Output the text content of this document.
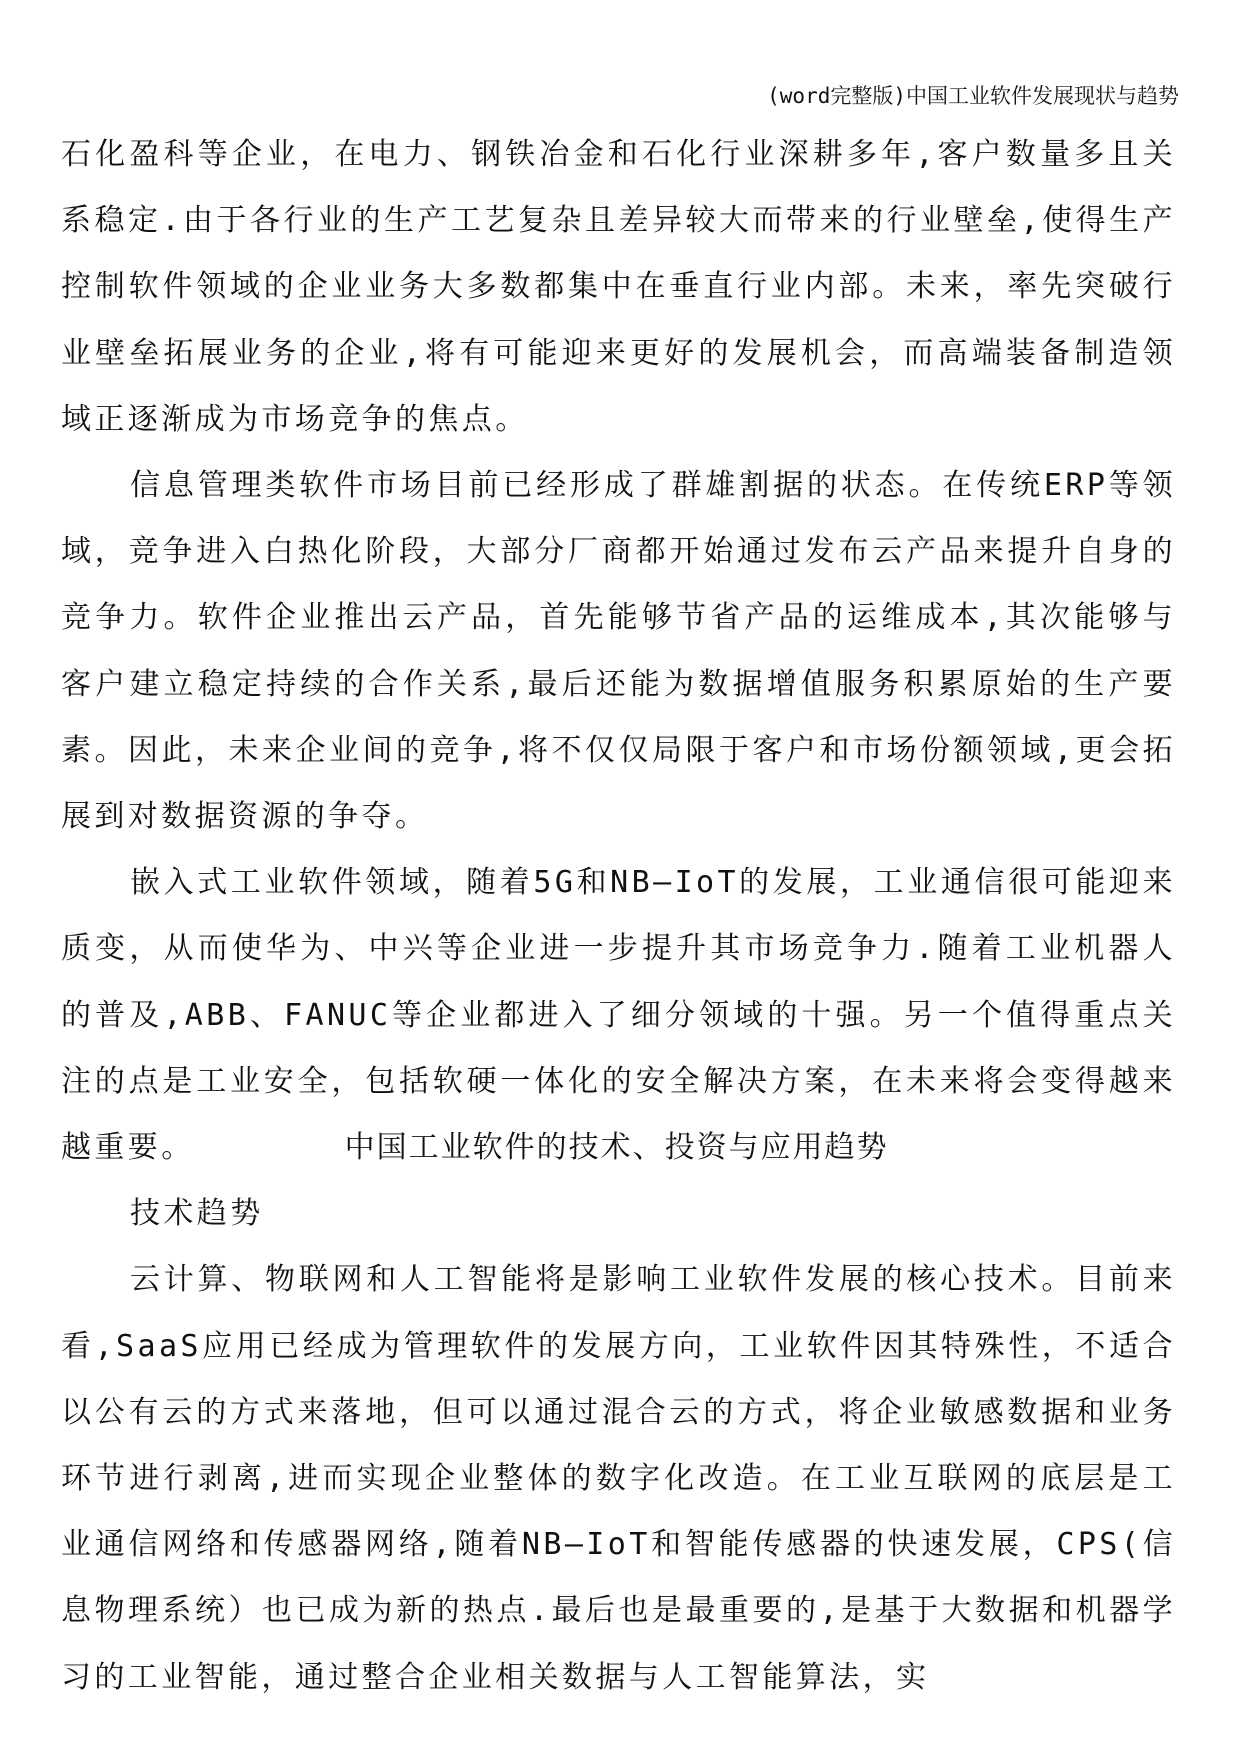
(word完整版)中国工业软件发展现状与趋势

石化盈科等企业，在电力、钢铁冶金和石化行业深耕多年,客户数量多且关系稳定.由于各行业的生产工艺复杂且差异较大而带来的行业壁垒,使得生产控制软件领域的企业业务大多数都集中在垂直行业内部。未来，率先突破行业壁垒拓展业务的企业,将有可能迎来更好的发展机会，而高端装备制造领域正逐渐成为市场竞争的焦点。

信息管理类软件市场目前已经形成了群雄割据的状态。在传统ERP等领域，竞争进入白热化阶段，大部分厂商都开始通过发布云产品来提升自身的竞争力。软件企业推出云产品，首先能够节省产品的运维成本,其次能够与客户建立稳定持续的合作关系,最后还能为数据增值服务积累原始的生产要素。因此，未来企业间的竞争,将不仅仅局限于客户和市场份额领域,更会拓展到对数据资源的争夺。

嵌入式工业软件领域，随着5G和NB—IoT的发展，工业通信很可能迎来质变，从而使华为、中兴等企业进一步提升其市场竞争力.随着工业机器人的普及,ABB、FANUC等企业都进入了细分领域的十强。另一个值得重点关注的点是工业安全，包括软硬一体化的安全解决方案，在未来将会变得越来越重要。	中国工业软件的技术、投资与应用趋势

技术趋势

云计算、物联网和人工智能将是影响工业软件发展的核心技术。目前来看,SaaS应用已经成为管理软件的发展方向，工业软件因其特殊性，不适合以公有云的方式来落地，但可以通过混合云的方式，将企业敏感数据和业务环节进行剥离,进而实现企业整体的数字化改造。在工业互联网的底层是工业通信网络和传感器网络,随着NB—IoT和智能传感器的快速发展，CPS(信息物理系统）也已成为新的热点.最后也是最重要的,是基于大数据和机器学习的工业智能，通过整合企业相关数据与人工智能算法，实
